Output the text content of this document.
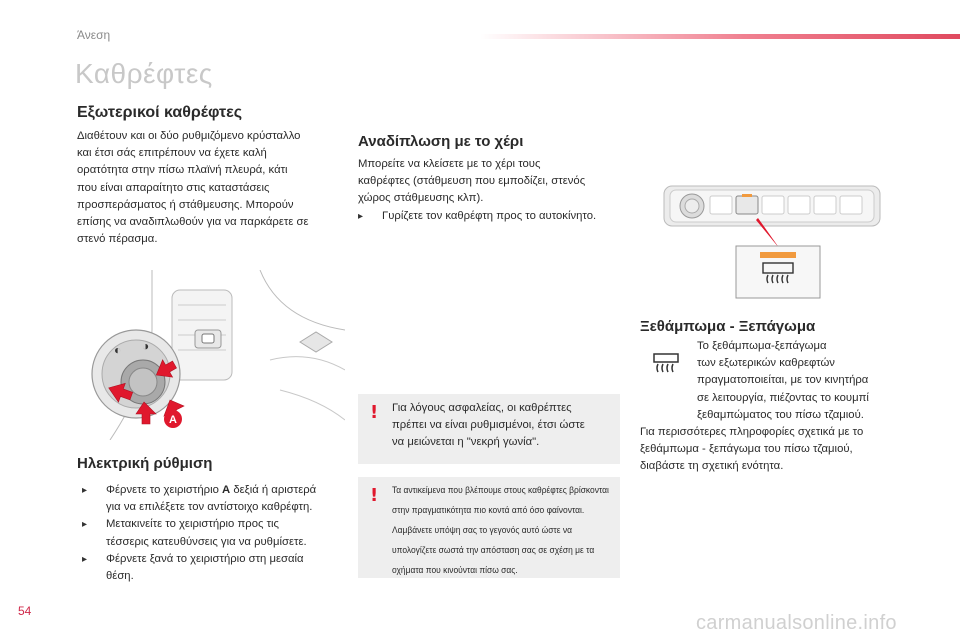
Άνεση
Καθρέφτες
Εξωτερικοί καθρέφτες
Διαθέτουν και οι δύο ρυθμιζόμενο κρύσταλλο
και έτσι σάς επιτρέπουν να έχετε καλή
ορατότητα στην πίσω πλαϊνή πλευρά, κάτι
που είναι απαραίτητο στις καταστάσεις
προσπεράσματος ή στάθμευσης. Μπορούν
επίσης να αναδιπλωθούν για να παρκάρετε σε
στενό πέρασμα.
◐ ◑
A
Ηλεκτρική ρύθμιση
▸ Φέρνετε το χειριστήριο A δεξιά ή αριστερά
για να επιλέξετε τον αντίστοιχο καθρέφτη.
▸ Μετακινείτε το χειριστήριο προς τις
τέσσερις κατευθύνσεις για να ρυθμίσετε.
▸ Φέρνετε ξανά το χειριστήριο στη μεσαία
θέση.
Αναδίπλωση με το χέρι
Μπορείτε να κλείσετε με το χέρι τους
καθρέφτες (στάθμευση που εμποδίζει, στενός
χώρος στάθμευσης κλπ).
▸ Γυρίζετε τον καθρέφτη προς το αυτοκίνητο.
! Για λόγους ασφαλείας, οι καθρέπτες
πρέπει να είναι ρυθμισμένοι, έτσι ώστε
να μειώνεται η "νεκρή γωνία".
! Τα αντικείμενα που βλέπουμε στους καθρέφτες βρίσκονται
στην πραγματικότητα πιο κοντά από όσο φαίνονται.
Λαμβάνετε υπόψη σας το γεγονός αυτό ώστε να
υπολογίζετε σωστά την απόσταση σας σε σχέση με τα
οχήματα που κινούνται πίσω σας.
Ξεθάμπωμα - Ξεπάγωμα
Το ξεθάμπωμα-ξεπάγωμα
των εξωτερικών καθρεφτών
πραγματοποιείται, με τον κινητήρα
σε λειτουργία, πιέζοντας το κουμπί
ξεθαμπώματος του πίσω τζαμιού.
Για περισσότερες πληροφορίες σχετικά με το
ξεθάμπωμα - ξεπάγωμα του πίσω τζαμιού,
διαβάστε τη σχετική ενότητα.
54
carmanualsonline.info
